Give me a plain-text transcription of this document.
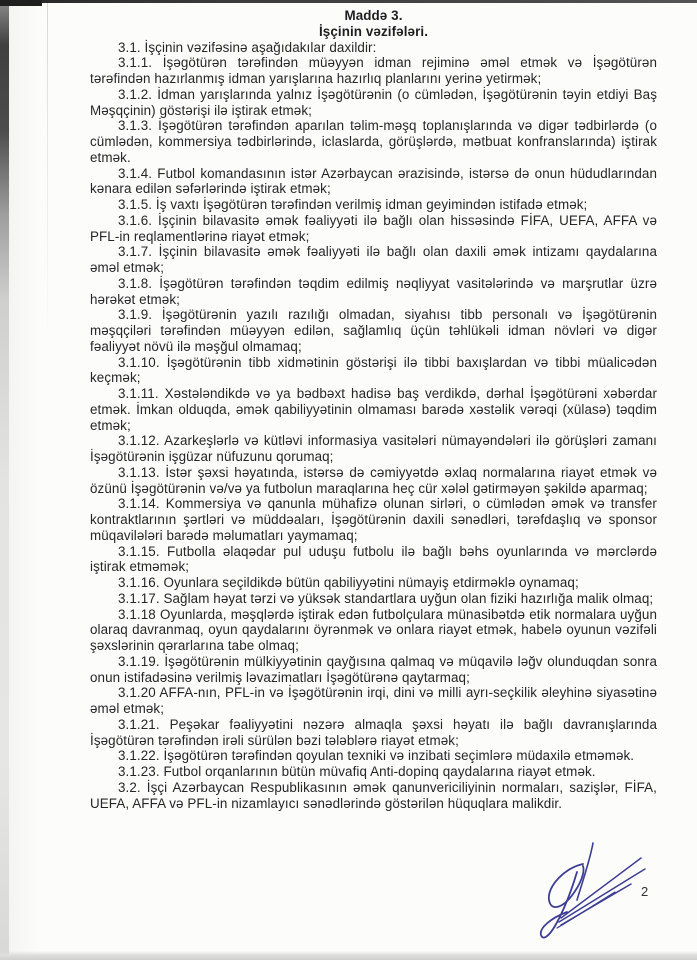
Maddə 3.
İşçinin vəzifələri.

3.1. İşçinin vəzifəsinə aşağıdakılar daxildir:

3.1.1. İşəgötürən tərəfindən müəyyən idman rejiminə əməl etmək və İşəgötürən tərəfindən hazırlanmış idman yarışlarına hazırlıq planlarını yerinə yetirmək;

3.1.2. İdman yarışlarında yalnız İşəgötürənin (o cümlədən, İşəgötürənin təyin etdiyi Baş Məşqçinin) göstərişi ilə iştirak etmək;

3.1.3. İşəgötürən tərəfindən aparılan təlim-məşq toplanışlarında və digər tədbirlərdə (o cümlədən, kommersiya tədbirlərində, iclaslarda, görüşlərdə, mətbuat konfranslarında) iştirak etmək.

3.1.4. Futbol komandasının istər Azərbaycan ərazisində, istərsə də onun hüdudlarından kənara edilən səfərlərində iştirak etmək;

3.1.5. İş vaxtı İşəgötürən tərəfindən verilmiş idman geyimindən istifadə etmək;

3.1.6. İşçinin bilavasitə əmək fəaliyyəti ilə bağlı olan hissəsində FİFA, UEFA, AFFA və PFL-in reqlamentlərinə riayət etmək;

3.1.7. İşçinin bilavasitə əmək fəaliyyəti ilə bağlı olan daxili əmək intizamı qaydalarına əməl etmək;

3.1.8. İşəgötürən tərəfindən təqdim edilmiş nəqliyyat vasitələrində və marşrutlar üzrə hərəkət etmək;

3.1.9. İşəgötürənin yazılı razılığı olmadan, siyahısı tibb personalı və İşəgötürənin məşqçiləri tərəfindən müəyyən edilən, sağlamlıq üçün təhlükəli idman növləri və digər fəaliyyət növü ilə məşğul olmamaq;

3.1.10. İşəgötürənin tibb xidmətinin göstərişi ilə tibbi baxışlardan və tibbi müalicədən keçmək;

3.1.11. Xəstələndikdə və ya bədbəxt hadisə baş verdikdə, dərhal İşəgötürəni xəbərdar etmək. İmkan olduqda, əmək qabiliyyətinin olmaması barədə xəstəlik vərəqi (xülasə) təqdim etmək;

3.1.12. Azarkeşlərlə və kütləvi informasiya vasitələri nümayəndələri ilə görüşləri zamanı İşəgötürənin işgüzar nüfuzunu qorumaq;

3.1.13. İstər şəxsi həyatında, istərsə də cəmiyyətdə əxlaq normalarına riayət etmək və özünü İşəgötürənin və/və ya futbolun maraqlarına heç cür xələl gətirməyən şəkildə aparmaq;

3.1.14. Kommersiya və qanunla mühafizə olunan sirləri, o cümlədən əmək və transfer kontraktlarının şərtləri və müddəaları, İşəgötürənin daxili sənədləri, tərəfdaşlıq və sponsor müqavilələri barədə məlumatları yaymamaq;

3.1.15. Futbolla əlaqədar pul uduşu futbolu ilə bağlı bəhs oyunlarında və mərclərdə iştirak etməmək;

3.1.16. Oyunlara seçildikdə bütün qabiliyyətini nümayiş etdirməklə oynamaq;

3.1.17. Sağlam həyat tərzi və yüksək standartlara uyğun olan fiziki hazırlığa malik olmaq;

3.1.18 Oyunlarda, məşqlərdə iştirak edən futbolçulara münasibətdə etik normalara uyğun olaraq davranmaq, oyun qaydalarını öyrənmək və onlara riayət etmək, habelə oyunun vəzifəli şəxslərinin qərarlarına tabe olmaq;

3.1.19. İşəgötürənin mülkiyyətinin qayğısına qalmaq və müqavilə ləğv olunduqdan sonra onun istifadəsinə verilmiş ləvazimatları İşəgötürənə qaytarmaq;

3.1.20 AFFA-nın, PFL-in və İşəgötürənin irqi, dini və milli ayrı-seçkilik əleyhinə siyasətinə əməl etmək;

3.1.21. Peşəkar fəaliyyətini nəzərə almaqla şəxsi həyatı ilə bağlı davranışlarında İşəgötürən tərəfindən irəli sürülən bəzi tələblərə riayət etmək;

3.1.22. İşəgötürən tərəfindən qoyulan texniki və inzibati seçimlərə müdaxilə etməmək.

3.1.23. Futbol orqanlarının bütün müvafiq Anti-dopinq qaydalarına riayət etmək.

3.2. İşçi Azərbaycan Respublikasının əmək qanunvericiliyinin normaları, sazişlər, FİFA, UEFA, AFFA və PFL-in nizamlayıcı sənədlərində göstərilən hüquqlara malikdir.

2
